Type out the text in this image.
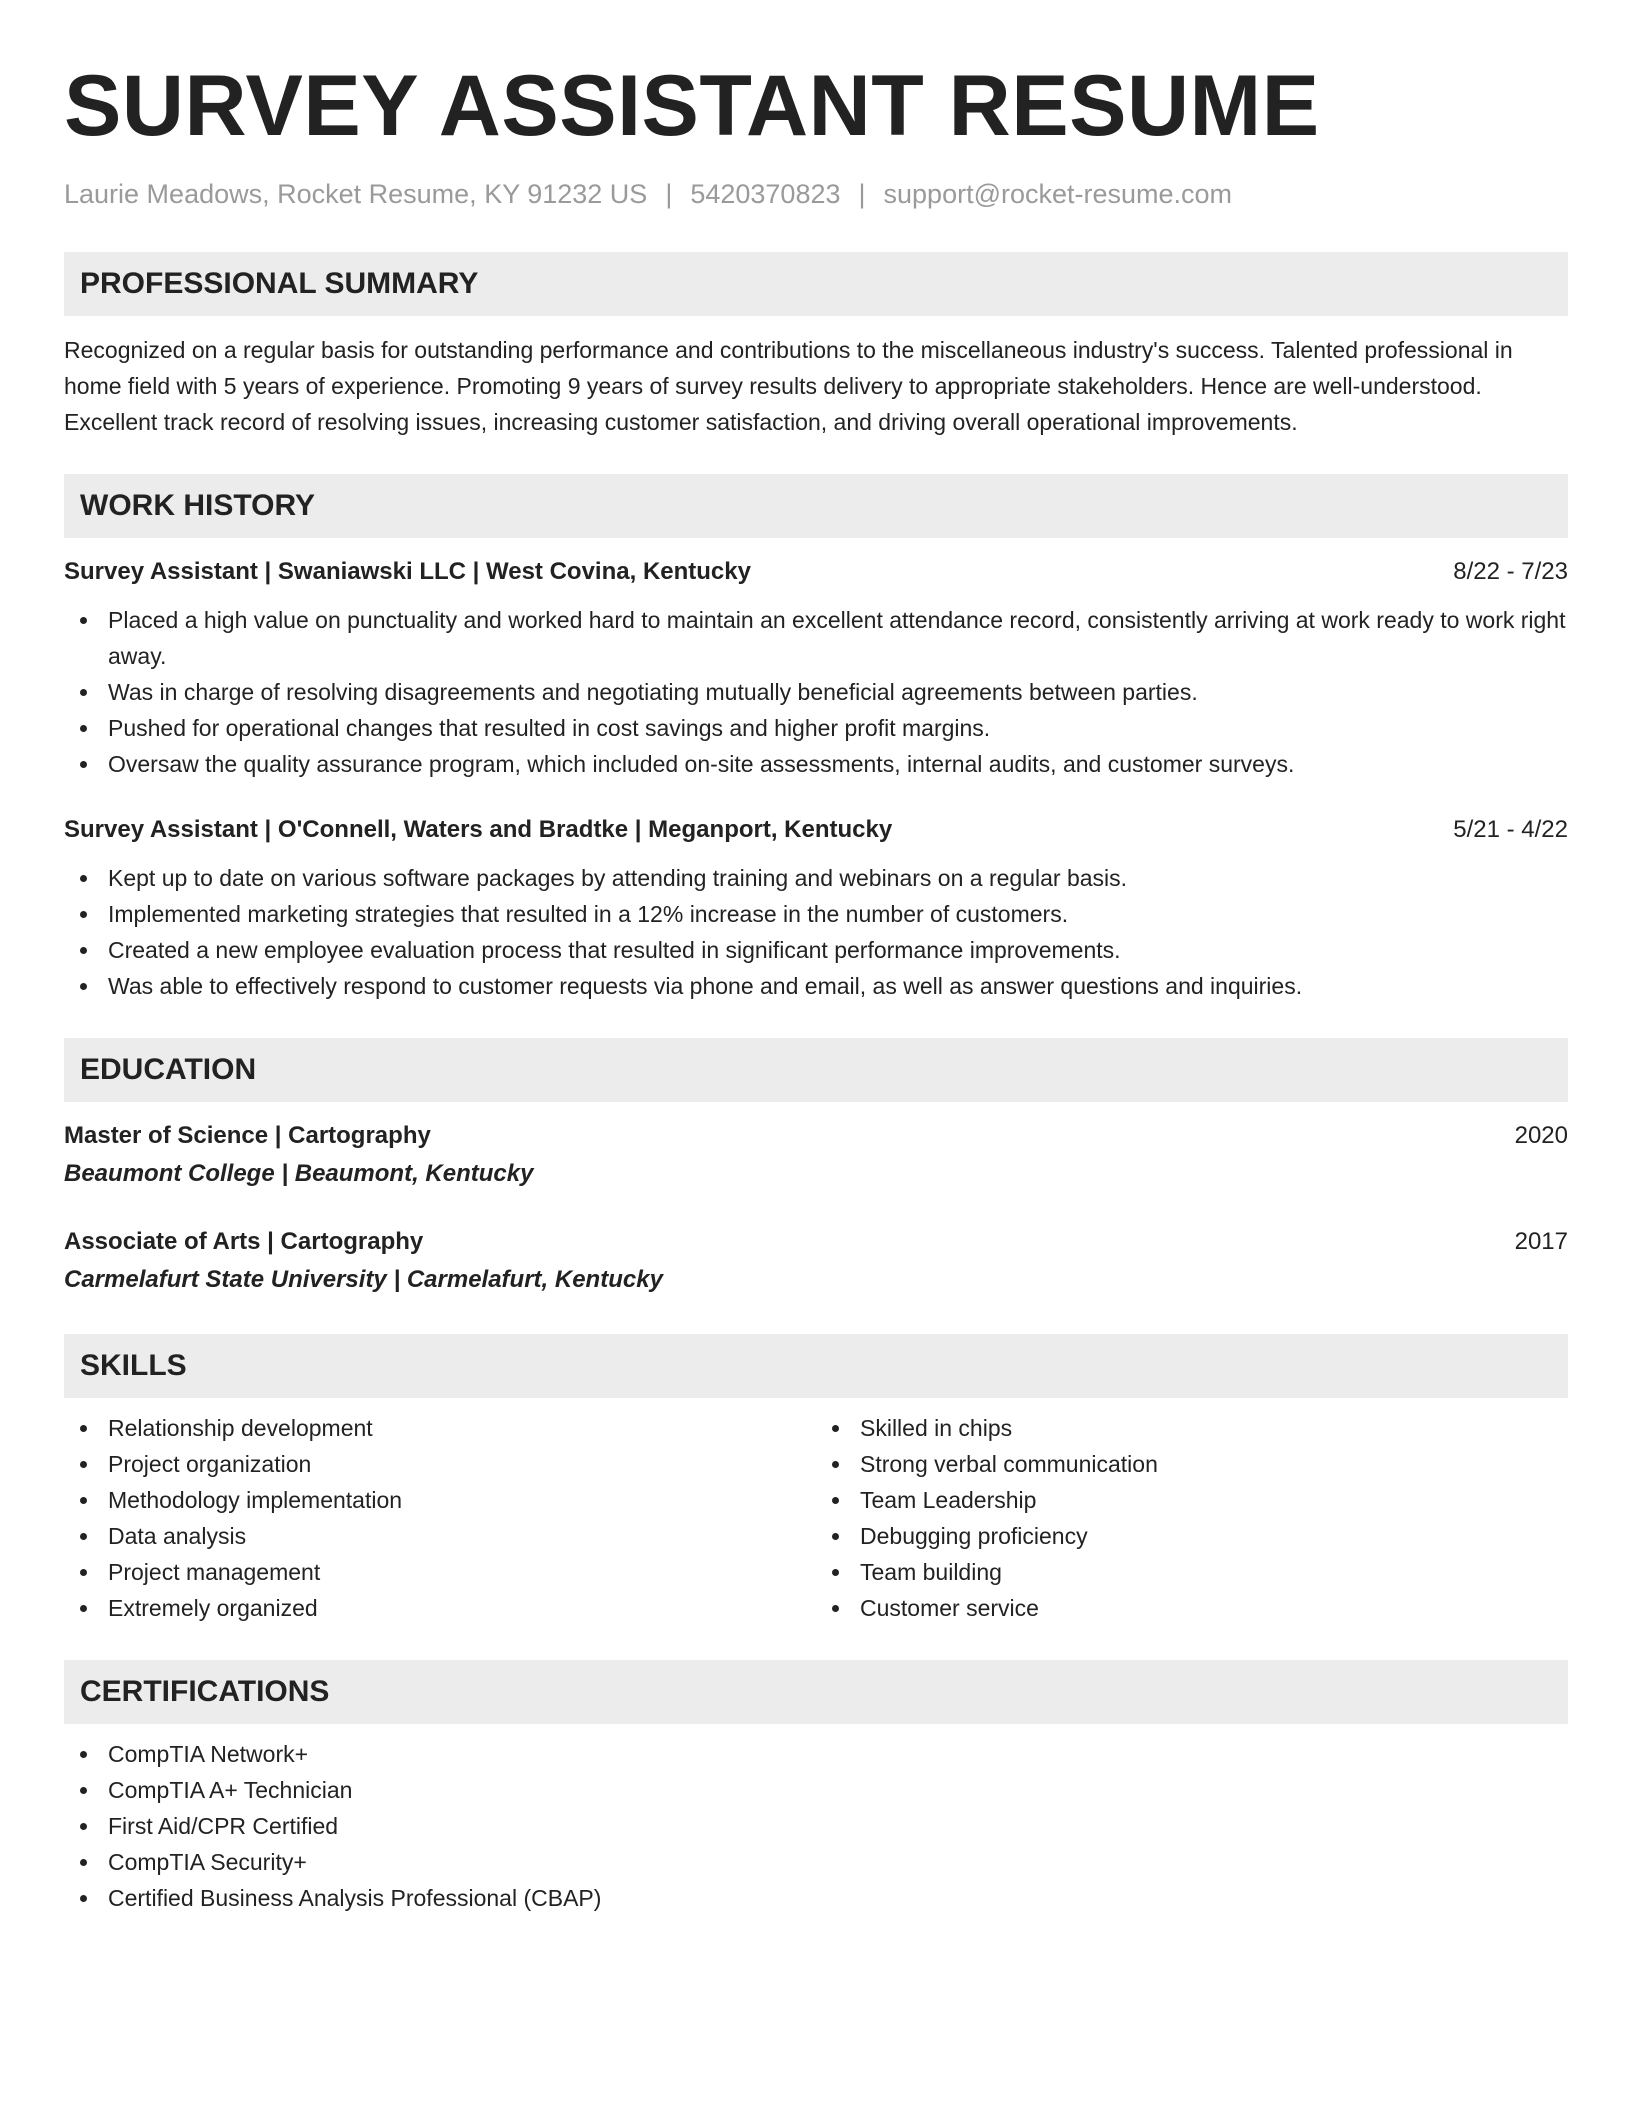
SURVEY ASSISTANT RESUME
Laurie Meadows, Rocket Resume, KY 91232 US | 5420370823 | support@rocket-resume.com
PROFESSIONAL SUMMARY

Recognized on a regular basis for outstanding performance and contributions to the miscellaneous industry's success. Talented professional in home field with 5 years of experience. Promoting 9 years of survey results delivery to appropriate stakeholders. Hence are well-understood. Excellent track record of resolving issues, increasing customer satisfaction, and driving overall operational improvements.

WORK HISTORY
Survey Assistant | Swaniawski LLC | West Covina, Kentucky	8/22 - 7/23
Placed a high value on punctuality and worked hard to maintain an excellent attendance record, consistently arriving at work ready to work right away.
Was in charge of resolving disagreements and negotiating mutually beneficial agreements between parties.
Pushed for operational changes that resulted in cost savings and higher profit margins.
Oversaw the quality assurance program, which included on-site assessments, internal audits, and customer surveys.
Survey Assistant | O'Connell, Waters and Bradtke | Meganport, Kentucky	5/21 - 4/22
Kept up to date on various software packages by attending training and webinars on a regular basis.
Implemented marketing strategies that resulted in a 12% increase in the number of customers.
Created a new employee evaluation process that resulted in significant performance improvements.
Was able to effectively respond to customer requests via phone and email, as well as answer questions and inquiries.
EDUCATION
Master of Science | Cartography	2020
Beaumont College | Beaumont, Kentucky
Associate of Arts | Cartography	2017
Carmelafurt State University | Carmelafurt, Kentucky
SKILLS
Relationship development
Project organization
Methodology implementation
Data analysis
Project management
Extremely organized
Skilled in chips
Strong verbal communication
Team Leadership
Debugging proficiency
Team building
Customer service
CERTIFICATIONS
CompTIA Network+
CompTIA A+ Technician
First Aid/CPR Certified
CompTIA Security+
Certified Business Analysis Professional (CBAP)
